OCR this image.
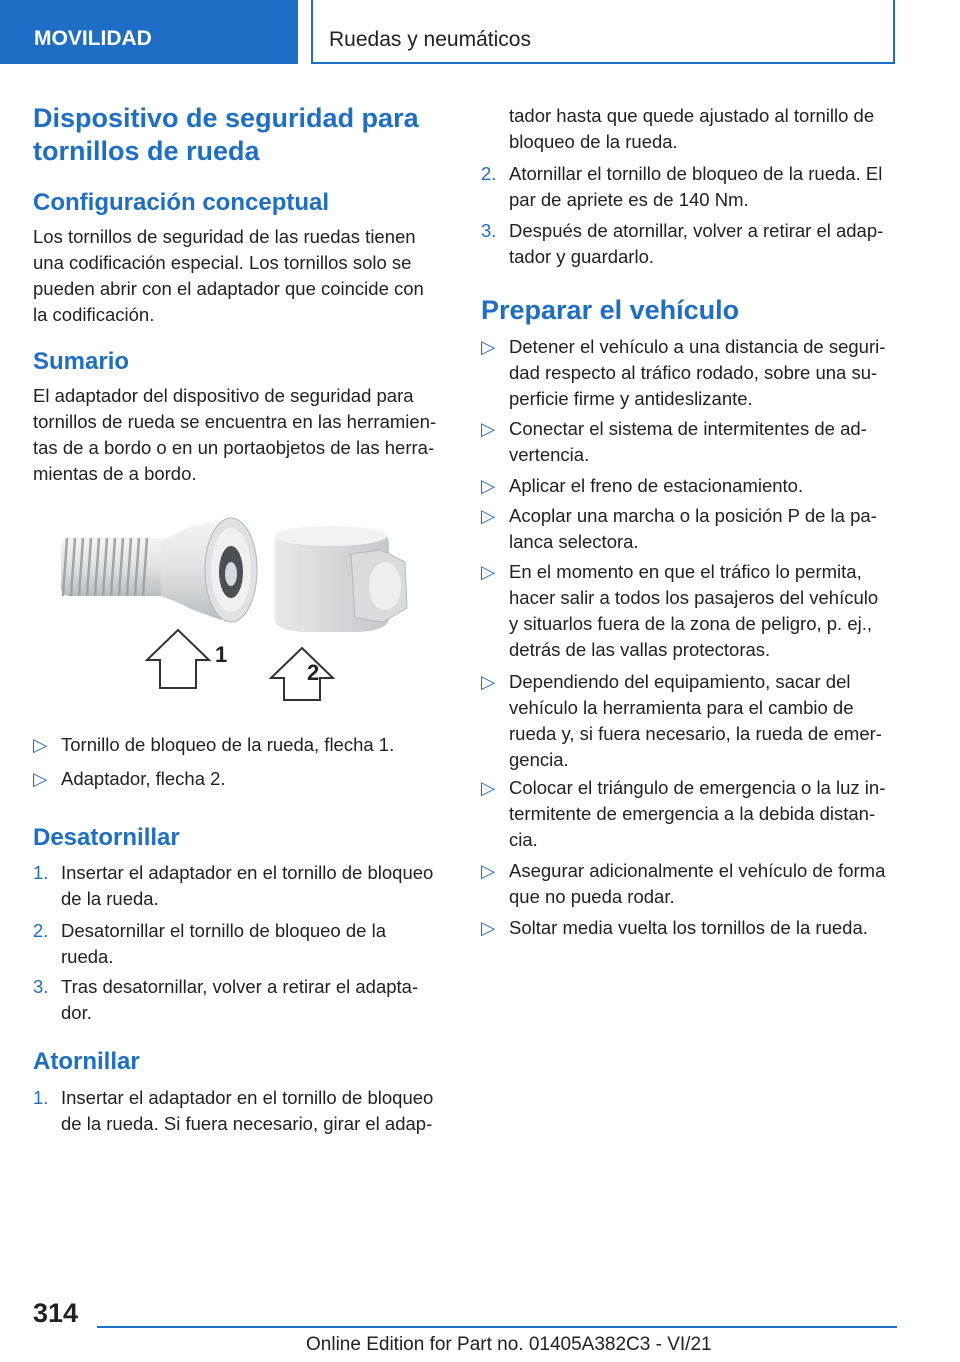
MOVILIDAD	Ruedas y neumáticos
Dispositivo de seguridad para tornillos de rueda
Configuración conceptual
Los tornillos de seguridad de las ruedas tienen
una codificación especial. Los tornillos solo se
pueden abrir con el adaptador que coincide con
la codificación.
Sumario
El adaptador del dispositivo de seguridad para
tornillos de rueda se encuentra en las herramien‐
tas de a bordo o en un portaobjetos de las herra‐
mientas de a bordo.
1
2
▷ Tornillo de bloqueo de la rueda, flecha 1.
▷ Adaptador, flecha 2.
Desatornillar
1. Insertar el adaptador en el tornillo de bloqueo
de la rueda.
2. Desatornillar el tornillo de bloqueo de la
rueda.
3. Tras desatornillar, volver a retirar el adapta‐
dor.
Atornillar
1. Insertar el adaptador en el tornillo de bloqueo
de la rueda. Si fuera necesario, girar el adap‐
tador hasta que quede ajustado al tornillo de
bloqueo de la rueda.
2. Atornillar el tornillo de bloqueo de la rueda. El
par de apriete es de 140 Nm.
3. Después de atornillar, volver a retirar el adap‐
tador y guardarlo.
Preparar el vehículo
▷ Detener el vehículo a una distancia de seguri‐
dad respecto al tráfico rodado, sobre una su‐
perficie firme y antideslizante.
▷ Conectar el sistema de intermitentes de ad‐
vertencia.
▷ Aplicar el freno de estacionamiento.
▷ Acoplar una marcha o la posición P de la pa‐
lanca selectora.
▷ En el momento en que el tráfico lo permita,
hacer salir a todos los pasajeros del vehículo
y situarlos fuera de la zona de peligro, p. ej.,
detrás de las vallas protectoras.
▷ Dependiendo del equipamiento, sacar del
vehículo la herramienta para el cambio de
rueda y, si fuera necesario, la rueda de emer‐
gencia.
▷ Colocar el triángulo de emergencia o la luz in‐
termitente de emergencia a la debida distan‐
cia.
▷ Asegurar adicionalmente el vehículo de forma
que no pueda rodar.
▷ Soltar media vuelta los tornillos de la rueda.
314
Online Edition for Part no. 01405A382C3 - VI/21
